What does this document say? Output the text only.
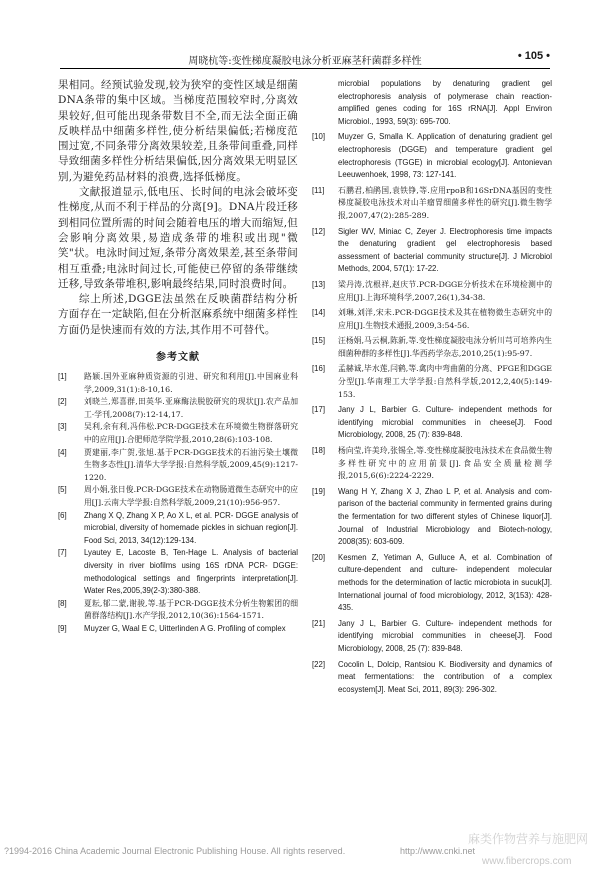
周晓杭等:变性梯度凝胶电泳分析亚麻茎秆菌群多样性	• 105 •

果相同。经预试验发现,较为狭窄的变性区域是细菌DNA条带的集中区域。当梯度范围较窄时,分离效果较好,但可能出现条带数目不全,而无法全面正确反映样品中细菌多样性,使分析结果偏低;若梯度范围过宽,不同条带分离效果较差,且条带间重叠,同样导致细菌多样性分析结果偏低,因分离效果无明显区别,为避免药品材料的浪费,选择低梯度。

文献报道显示,低电压、长时间的电泳会破坏变性梯度,从而不利于样品的分离[9]。DNA片段迁移到相同位置所需的时间会随着电压的增大而缩短,但会影响分离效果,易造成条带的堆积或出现"微笑"状。电泳时间过短,条带分离效果差,甚至条带间相互重叠;电泳时间过长,可能使已停留的条带继续迁移,导致条带堆积,影响最终结果,同时浪费时间。

综上所述,DGGE法虽然在反映菌群结构分析方面存在一定缺陷,但在分析沤麻系统中细菌多样性方面仍是快速而有效的方法,其作用不可替代。

参考文献
[1]	路颖.国外亚麻种质资源的引进、研究和利用[J].中国麻业科学,2009,31(1):8-10,16.
[2]	刘晓兰,郑喜群,田英华.亚麻酶法脱胶研究的现状[J].农产品加工·学刊,2008(7):12-14,17.
[3]	吴利,余有利,冯伟松.PCR-DGGE技术在环境微生物群落研究中的应用[J].合肥师范学院学报,2010,28(6):103-108.
[4]	贾建丽,李广贺,张旭.基于PCR-DGGE技术的石油污染土壤微生物多态性[J].清华大学学报:自然科学版,2009,45(9):1217-1220.
[5]	周小娟,张日俊.PCR-DGGE技术在动物肠道微生态研究中的应用[J].云南大学学报:自然科学版,2009,21(10):956-957.
[6]	Zhang X Q, Zhang X P, Ao X L, et al. PCR- DGGE analysis of microbial, diversity of homemade pickles in sichuan region[J]. Food Sci, 2013, 34(12):129-134.
[7]	Lyautey E, Lacoste B, Ten-Hage L. Analysis of bacterial diversity in river biofilms using 16S rDNA PCR- DGGE: methodological settings and fingerprints interpretation[J]. Water Res,2005,39(2-3):380-388.
[8]	夏耘,郁二蒙,谢骏,等.基于PCR-DGGE技术分析生物絮团的细菌群落结构[J].水产学报,2012,10(36):1564-1571.
[9]	Muyzer G, Waal E C, Uitterlinden A G. Profiling of complex
microbial populations by denaturing gradient gel electrophoresis analysis of polymerase chain reaction- amplified genes coding for 16S rRNA[J]. Appl Environ Microbiol., 1993, 59(3): 695-700.
[10]	Muyzer G, Smalla K. Application of denaturing gradient gel electrophoresis (DGGE) and temperature gradient gel electrophoresis (TGGE) in microbial ecology[J]. Antonievan Leeuwenhoek, 1998, 73: 127-141.
[11]	石鹏君,柏鹃国,袁铁铮,等.应用rpoB和16SrDNA基因的变性梯度凝胶电泳技术对山羊瘤胃细菌多样性的研究[J].微生物学报,2007,47(2):285-289.
[12]	Sigler WV, Miniac C, Zeyer J. Electrophoresis time impacts the denaturing gradient gel electrophoresis based assessment of bacterial community structure[J]. J Microbiol Methods, 2004, 57(1): 17-22.
[13]	梁丹涛,沈根祥,赵庆节.PCR-DGGE分析技术在环境检测中的应用[J].上海环境科学,2007,26(1),34-38.
[14]	刘琳,刘洋,宋未.PCR-DGGE技术及其在植物微生态研究中的应用[J].生物技术通报,2009,3:54-56.
[15]	汪杨娟,马云桐,陈新,等.变性梯度凝胶电泳分析川芎可培养内生细菌种群的多样性[J].华西药学杂志,2010,25(1):95-97.
[16]	孟赫诚,毕水莲,闫鹤,等.禽肉中弯曲菌的分离、PFGE和DGGE分型[J].华南理工大学学报:自然科学版,2012,2,40(5):149-153.
[17]	Jany J L, Barbier G. Culture- independent methods for identifying microbial communities in cheese[J]. Food Microbiology, 2008, 25 (7): 839-848.
[18]	杨向莹,许美玲,张锡全,等.变性梯度凝胶电泳技术在食品微生物多样性研究中的应用前景[J].食品安全质量检测学报,2015,6(6):2224-2229.
[19]	Wang H Y, Zhang X J, Zhao L P, et al. Analysis and com-parison of the bacterial community in fermented grains during the fermentation for two different styles of Chinese liquor[J]. Journal of Industrial Microbiology and Biotech-nology, 2008(35): 603-609.
[20]	Kesmen Z, Yetiman A, Gulluce A, et al. Combination of culture-dependent and culture- independent molecular methods for the determination of lactic microbiota in sucuk[J]. International journal of food microbiology, 2012, 3(153): 428-435.
[21]	Jany J L, Barbier G. Culture- independent methods for identifying microbial communities in cheese[J]. Food Microbiology, 2008, 25 (7): 839-848.
[22]	Cocolin L, Dolcip, Rantsiou K. Biodiversity and dynamics of meat fermentations: the contribution of a complex ecosystem[J]. Meat Sci, 2011, 89(3): 296-302.
?1994-2016 China Academic Journal Electronic Publishing House. All rights reserved.	http://www.cnki.net
麻类作物营养与施肥网
www.fibercrops.com
